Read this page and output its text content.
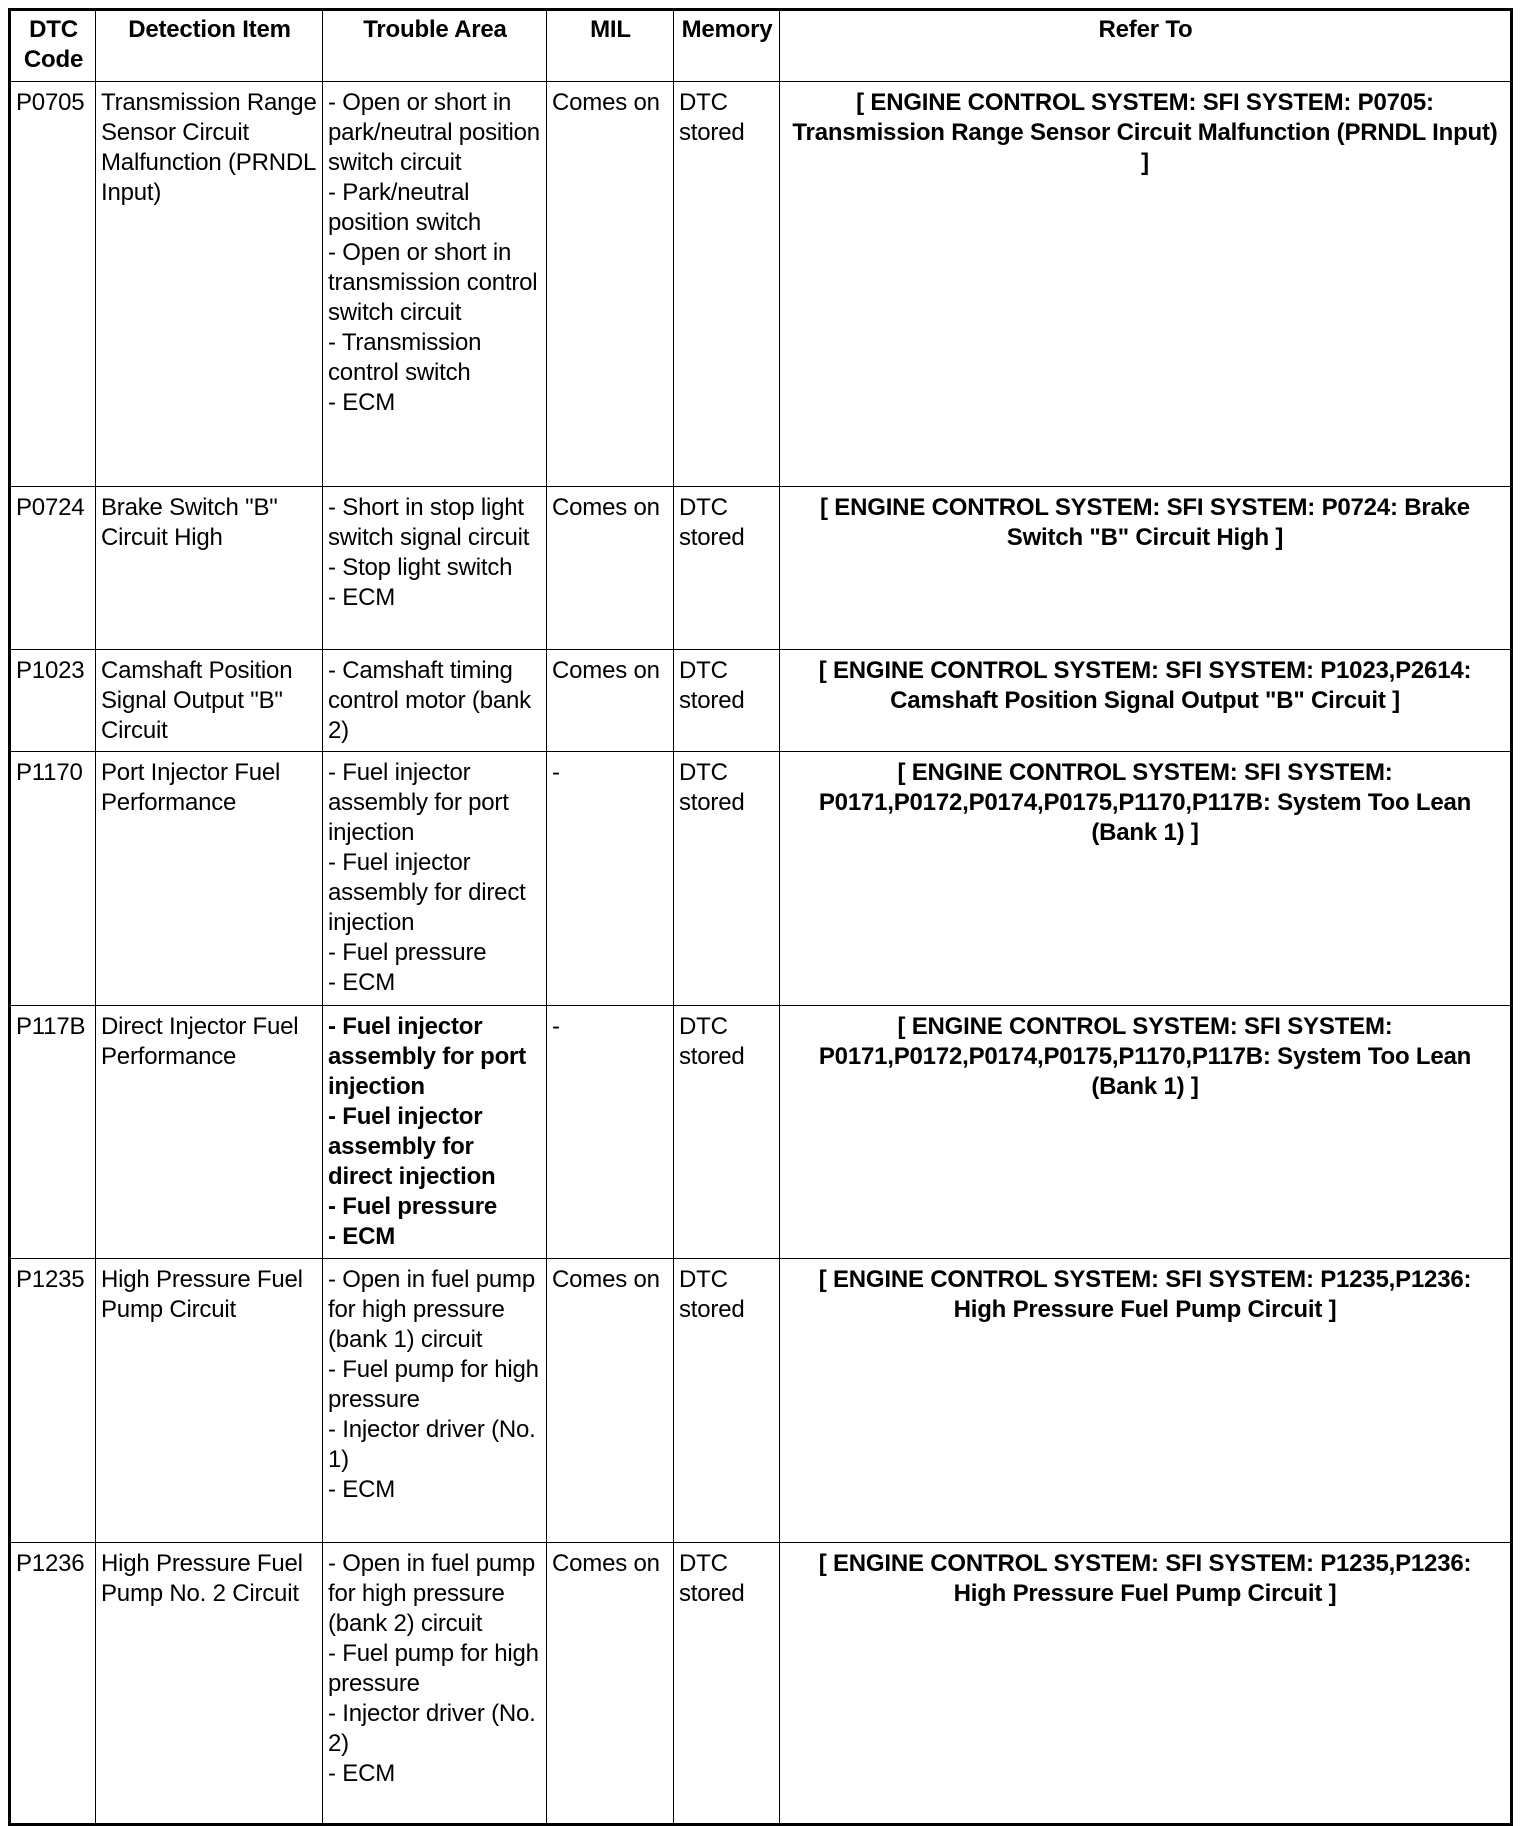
DTC Code	Detection Item	Trouble Area	MIL	Memory	Refer To
P0705	Transmission Range Sensor Circuit Malfunction (PRNDL Input)	- Open or short in park/neutral position switch circuit
- Park/neutral position switch
- Open or short in transmission control switch circuit
- Transmission control switch
- ECM	Comes on	DTC stored	[ ENGINE CONTROL SYSTEM: SFI SYSTEM: P0705: Transmission Range Sensor Circuit Malfunction (PRNDL Input) ]
P0724	Brake Switch "B" Circuit High	- Short in stop light switch signal circuit
- Stop light switch
- ECM	Comes on	DTC stored	[ ENGINE CONTROL SYSTEM: SFI SYSTEM: P0724: Brake Switch "B" Circuit High ]
P1023	Camshaft Position Signal Output "B" Circuit	- Camshaft timing control motor (bank 2)	Comes on	DTC stored	[ ENGINE CONTROL SYSTEM: SFI SYSTEM: P1023,P2614: Camshaft Position Signal Output "B" Circuit ]
P1170	Port Injector Fuel Performance	- Fuel injector assembly for port injection
- Fuel injector assembly for direct injection
- Fuel pressure
- ECM	-	DTC stored	[ ENGINE CONTROL SYSTEM: SFI SYSTEM: P0171,P0172,P0174,P0175,P1170,P117B: System Too Lean (Bank 1) ]
P117B	Direct Injector Fuel Performance	- Fuel injector assembly for port injection
- Fuel injector assembly for direct injection
- Fuel pressure
- ECM	-	DTC stored	[ ENGINE CONTROL SYSTEM: SFI SYSTEM: P0171,P0172,P0174,P0175,P1170,P117B: System Too Lean (Bank 1) ]
P1235	High Pressure Fuel Pump Circuit	- Open in fuel pump for high pressure (bank 1) circuit
- Fuel pump for high pressure
- Injector driver (No. 1)
- ECM	Comes on	DTC stored	[ ENGINE CONTROL SYSTEM: SFI SYSTEM: P1235,P1236: High Pressure Fuel Pump Circuit ]
P1236	High Pressure Fuel Pump No. 2 Circuit	- Open in fuel pump for high pressure (bank 2) circuit
- Fuel pump for high pressure
- Injector driver (No. 2)
- ECM	Comes on	DTC stored	[ ENGINE CONTROL SYSTEM: SFI SYSTEM: P1235,P1236: High Pressure Fuel Pump Circuit ]
